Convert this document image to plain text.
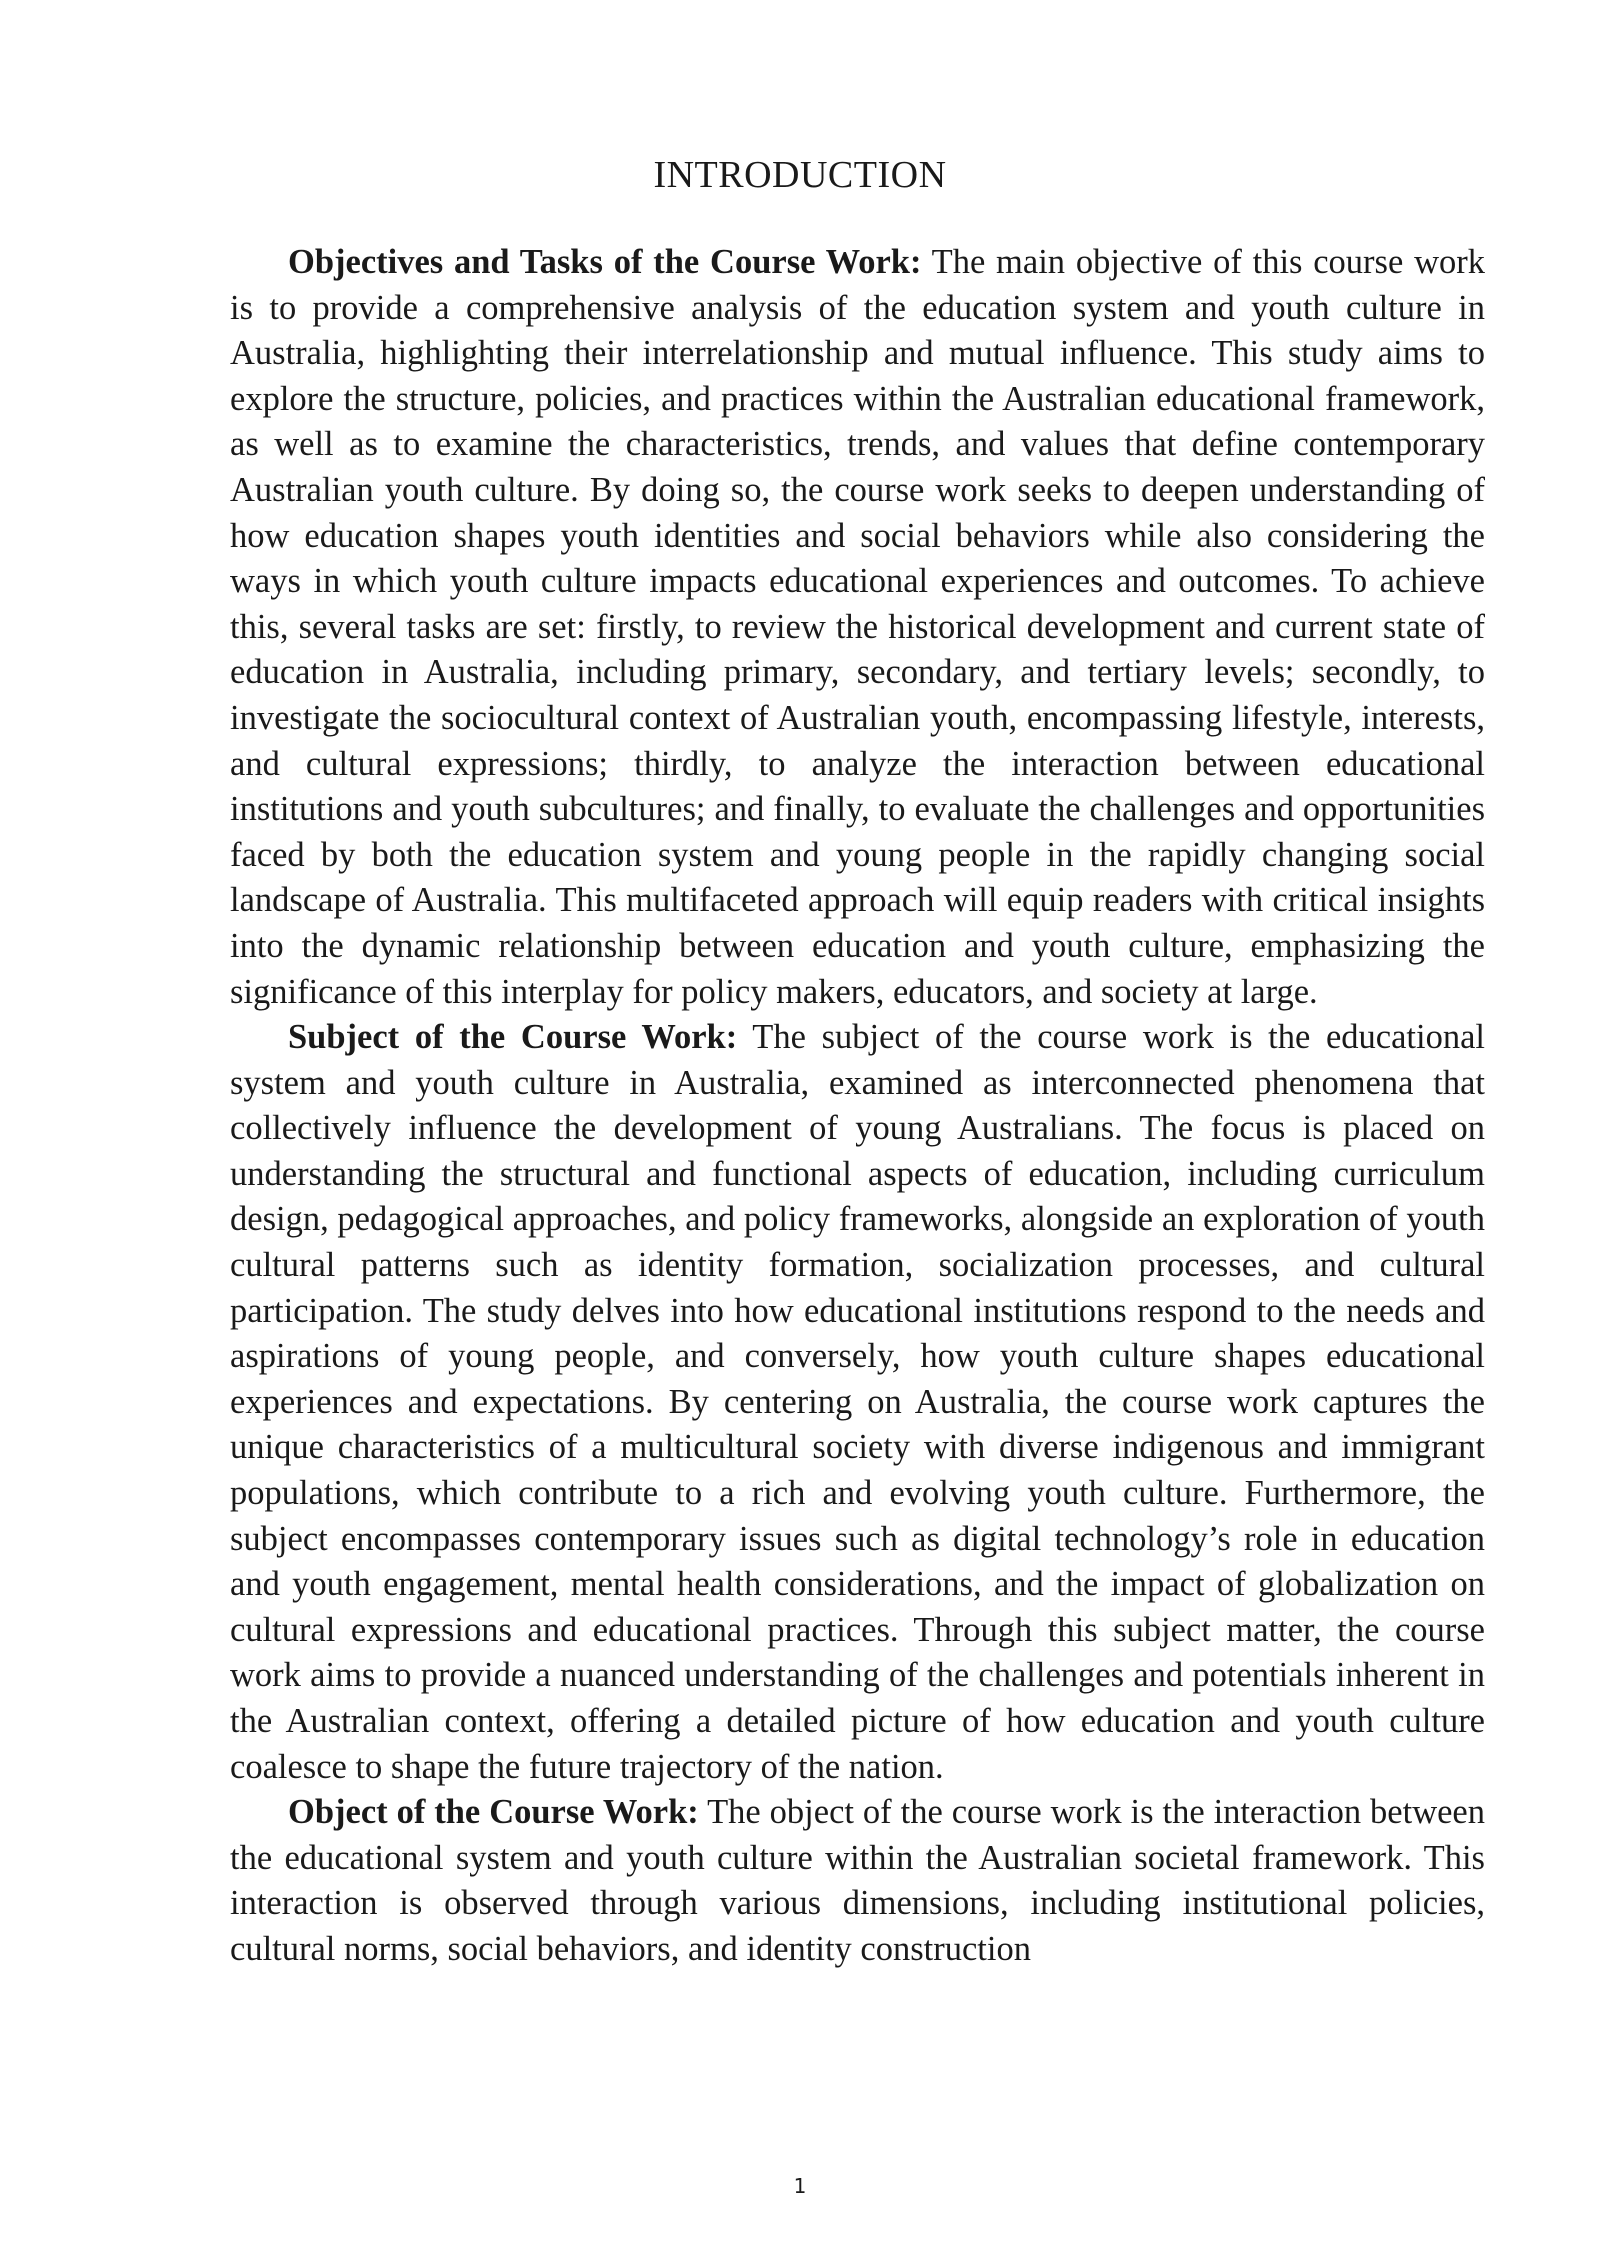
INTRODUCTION

Objectives and Tasks of the Course Work: The main objective of this course work is to provide a comprehensive analysis of the education system and youth culture in Australia, highlighting their interrelationship and mutual influence. This study aims to explore the structure, policies, and practices within the Australian educational framework, as well as to examine the characteristics, trends, and values that define contemporary Australian youth culture. By doing so, the course work seeks to deepen understanding of how education shapes youth identities and social behaviors while also considering the ways in which youth culture impacts educational experiences and outcomes. To achieve this, several tasks are set: firstly, to review the historical development and current state of education in Australia, including primary, secondary, and tertiary levels; secondly, to investigate the sociocultural context of Australian youth, encompassing lifestyle, interests, and cultural expressions; thirdly, to analyze the interaction between educational institutions and youth subcultures; and finally, to evaluate the challenges and opportunities faced by both the education system and young people in the rapidly changing social landscape of Australia. This multifaceted approach will equip readers with critical insights into the dynamic relationship between education and youth culture, emphasizing the significance of this interplay for policy makers, educators, and society at large.

Subject of the Course Work: The subject of the course work is the educational system and youth culture in Australia, examined as interconnected phenomena that collectively influence the development of young Australians. The focus is placed on understanding the structural and functional aspects of education, including curriculum design, pedagogical approaches, and policy frameworks, alongside an exploration of youth cultural patterns such as identity formation, socialization processes, and cultural participation. The study delves into how educational institutions respond to the needs and aspirations of young people, and conversely, how youth culture shapes educational experiences and expectations. By centering on Australia, the course work captures the unique characteristics of a multicultural society with diverse indigenous and immigrant populations, which contribute to a rich and evolving youth culture. Furthermore, the subject encompasses contemporary issues such as digital technology’s role in education and youth engagement, mental health considerations, and the impact of globalization on cultural expressions and educational practices. Through this subject matter, the course work aims to provide a nuanced understanding of the challenges and potentials inherent in the Australian context, offering a detailed picture of how education and youth culture coalesce to shape the future trajectory of the nation.

Object of the Course Work: The object of the course work is the interaction between the educational system and youth culture within the Australian societal framework. This interaction is observed through various dimensions, including institutional policies, cultural norms, social behaviors, and identity construction

1
